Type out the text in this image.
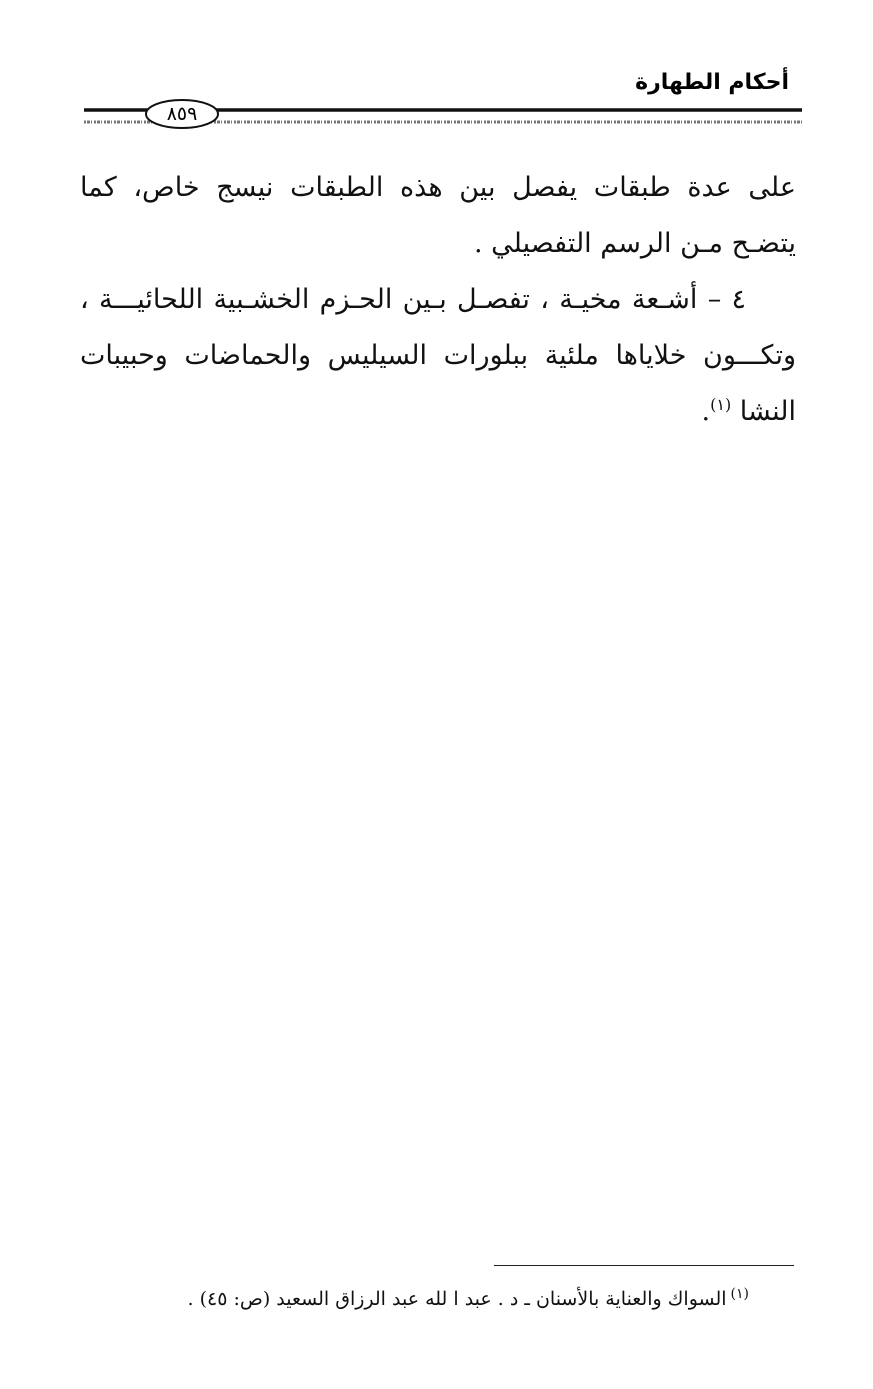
أحكام الطهارة
٨٥٩

على عدة طبقات يفصل بين هذه الطبقات نيسج خاص، كما يتضـح مـن الرسم التفصيلي .

٤ – أشـعة مخيـة ، تفصـل بـين الحـزم الخشـبية اللحائيـــة ، وتكـــون خلاياها ملئية ببلورات السيليس والحماضات وحبيبات النشا $^{(١)}$.

$^{(١)}$السواك والعناية بالأسنان ـ د . عبد ا لله عبد الرزاق السعيد (ص: ٤٥) .
